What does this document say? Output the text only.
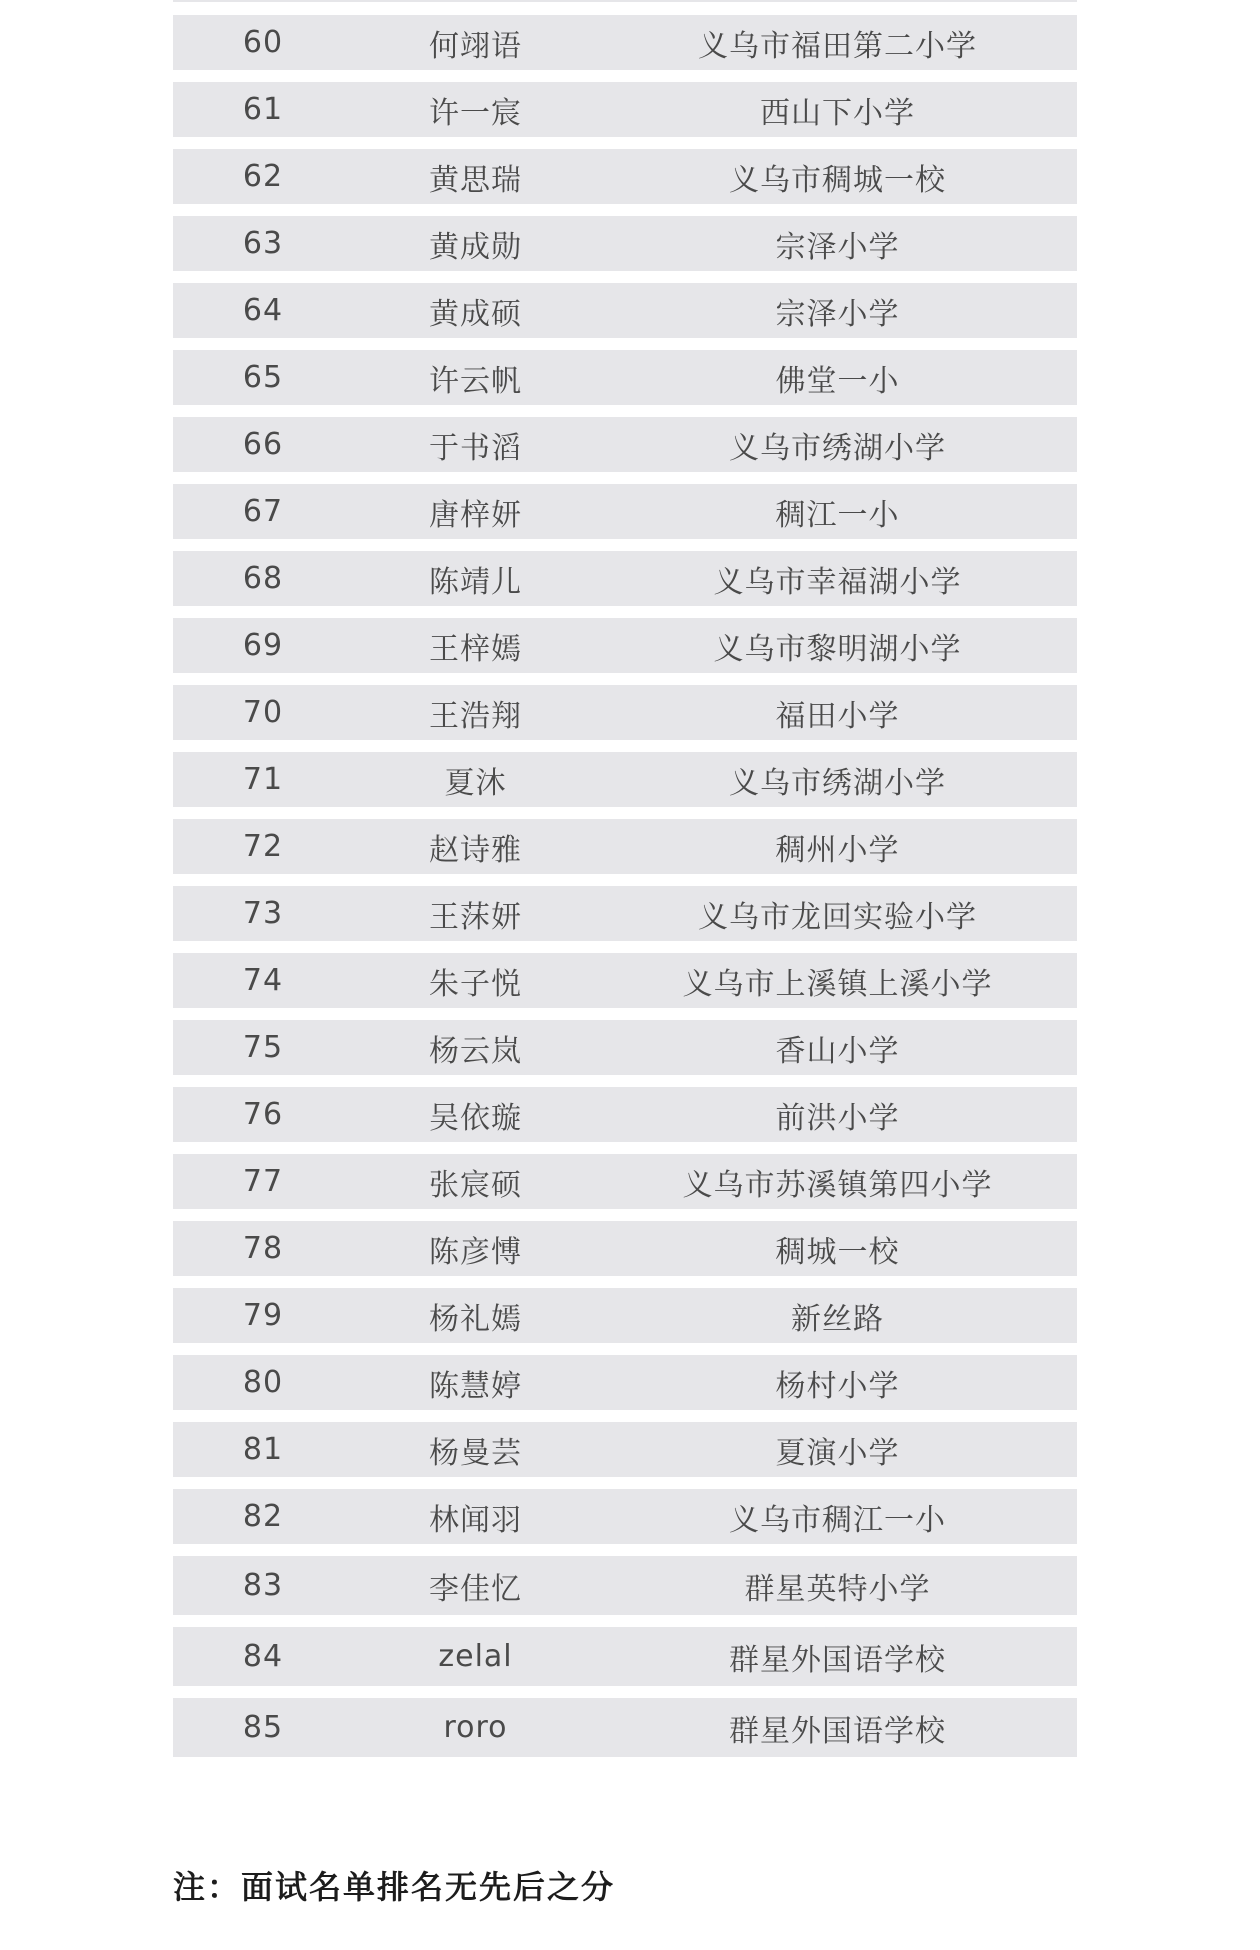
60	何翊语	义乌市福田第二小学
61	许一宸	西山下小学
62	黄思瑞	义乌市稠城一校
63	黄成勋	宗泽小学
64	黄成硕	宗泽小学
65	许云帆	佛堂一小
66	于书滔	义乌市绣湖小学
67	唐梓妍	稠江一小
68	陈靖儿	义乌市幸福湖小学
69	王梓嫣	义乌市黎明湖小学
70	王浩翔	福田小学
71	夏沐	义乌市绣湖小学
72	赵诗雅	稠州小学
73	王莯妍	义乌市龙回实验小学
74	朱子悦	义乌市上溪镇上溪小学
75	杨云岚	香山小学
76	吴依璇	前洪小学
77	张宸硕	义乌市苏溪镇第四小学
78	陈彦愽	稠城一校
79	杨礼嫣	新丝路
80	陈慧婷	杨村小学
81	杨曼芸	夏演小学
82	林闻羽	义乌市稠江一小
83	李佳忆	群星英特小学
84	zelal	群星外国语学校
85	roro	群星外国语学校
注：面试名单排名无先后之分
